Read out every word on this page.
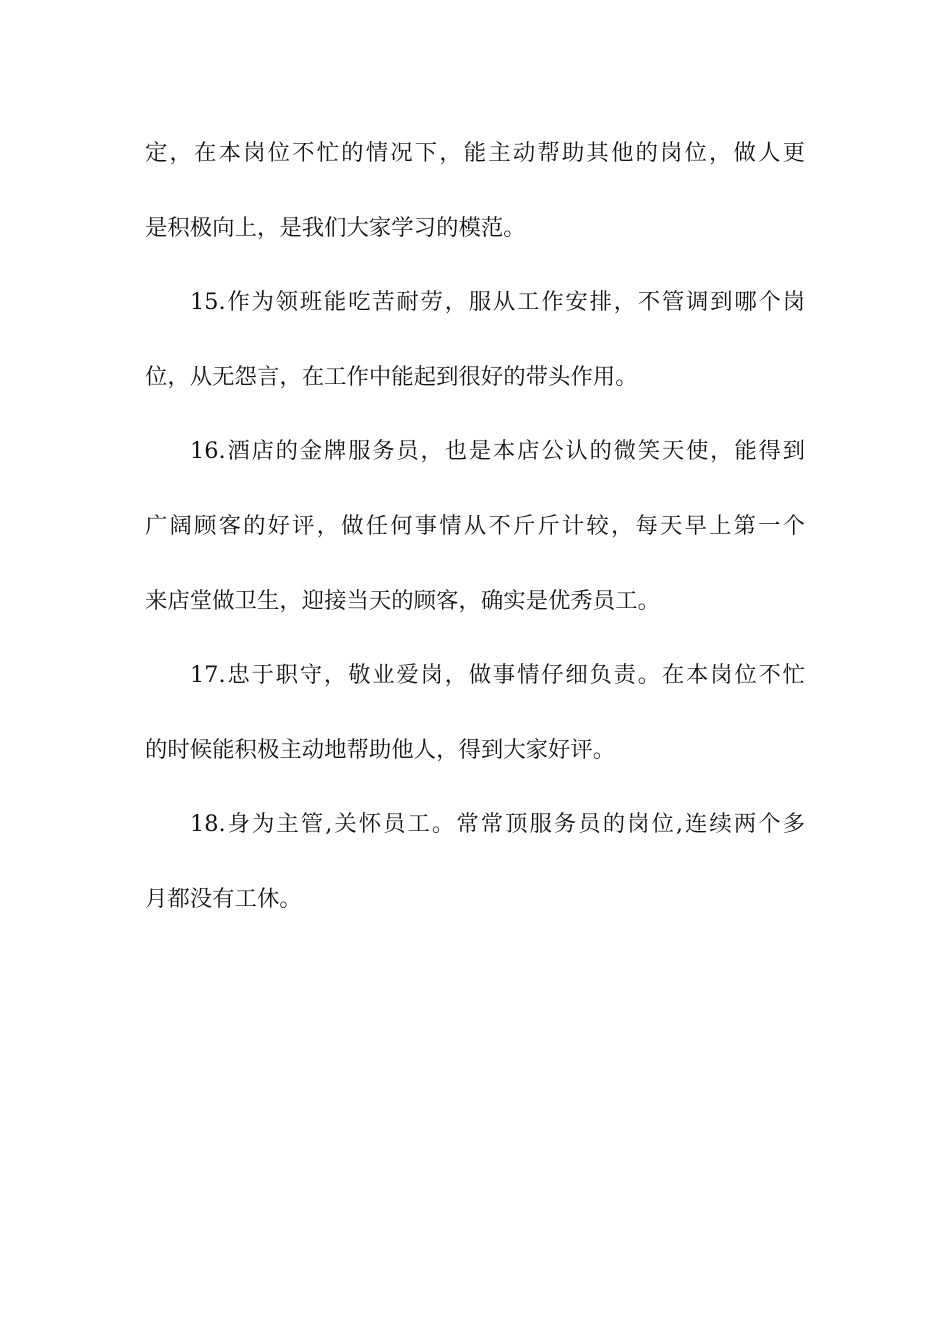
定，在本岗位不忙的情况下，能主动帮助其他的岗位，做人更
是积极向上，是我们大家学习的模范。
15.作为领班能吃苦耐劳，服从工作安排，不管调到哪个岗
位，从无怨言，在工作中能起到很好的带头作用。
16.酒店的金牌服务员，也是本店公认的微笑天使，能得到
广阔顾客的好评，做任何事情从不斤斤计较，每天早上第一个
来店堂做卫生，迎接当天的顾客，确实是优秀员工。
17.忠于职守，敬业爱岗，做事情仔细负责。在本岗位不忙
的时候能积极主动地帮助他人，得到大家好评。
18.身为主管,关怀员工。常常顶服务员的岗位,连续两个多
月都没有工休。
